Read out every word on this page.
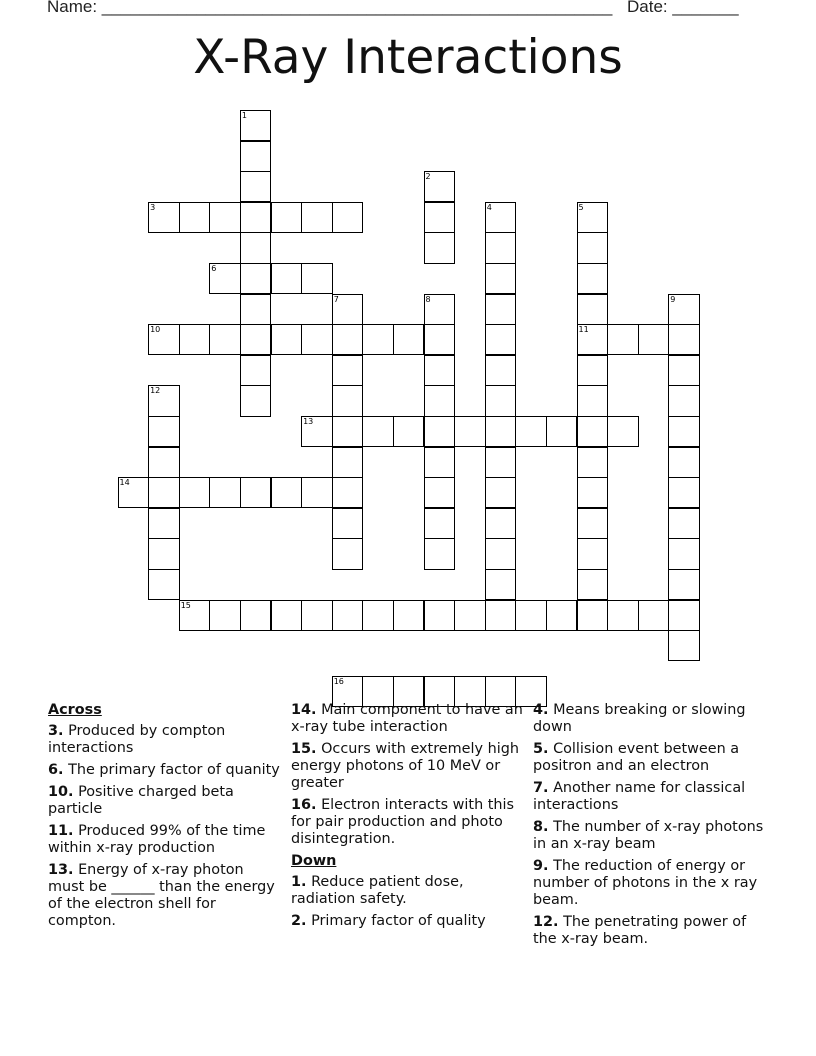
Name: ______________________________________________________ Date: _______
X-Ray Interactions
1
2
3	4	5
11
6
7	8	9
10
12
13
14
15
16
Across
3. Produced by compton interactions
6. The primary factor of quanity
10. Positive charged beta particle
11. Produced 99% of the time within x-ray production
13. Energy of x-ray photon must be ______ than the energy of the electron shell for compton.
14. Main component to have an x-ray tube interaction
15. Occurs with extremely high energy photons of 10 MeV or greater
16. Electron interacts with this for pair production and photo disintegration.
Down
1. Reduce patient dose, radiation safety.
2. Primary factor of quality
4. Means breaking or slowing down
5. Collision event between a positron and an electron
7. Another name for classical interactions
8. The number of x-ray photons in an x-ray beam
9. The reduction of energy or number of photons in the x ray beam.
12. The penetrating power of the x-ray beam.
